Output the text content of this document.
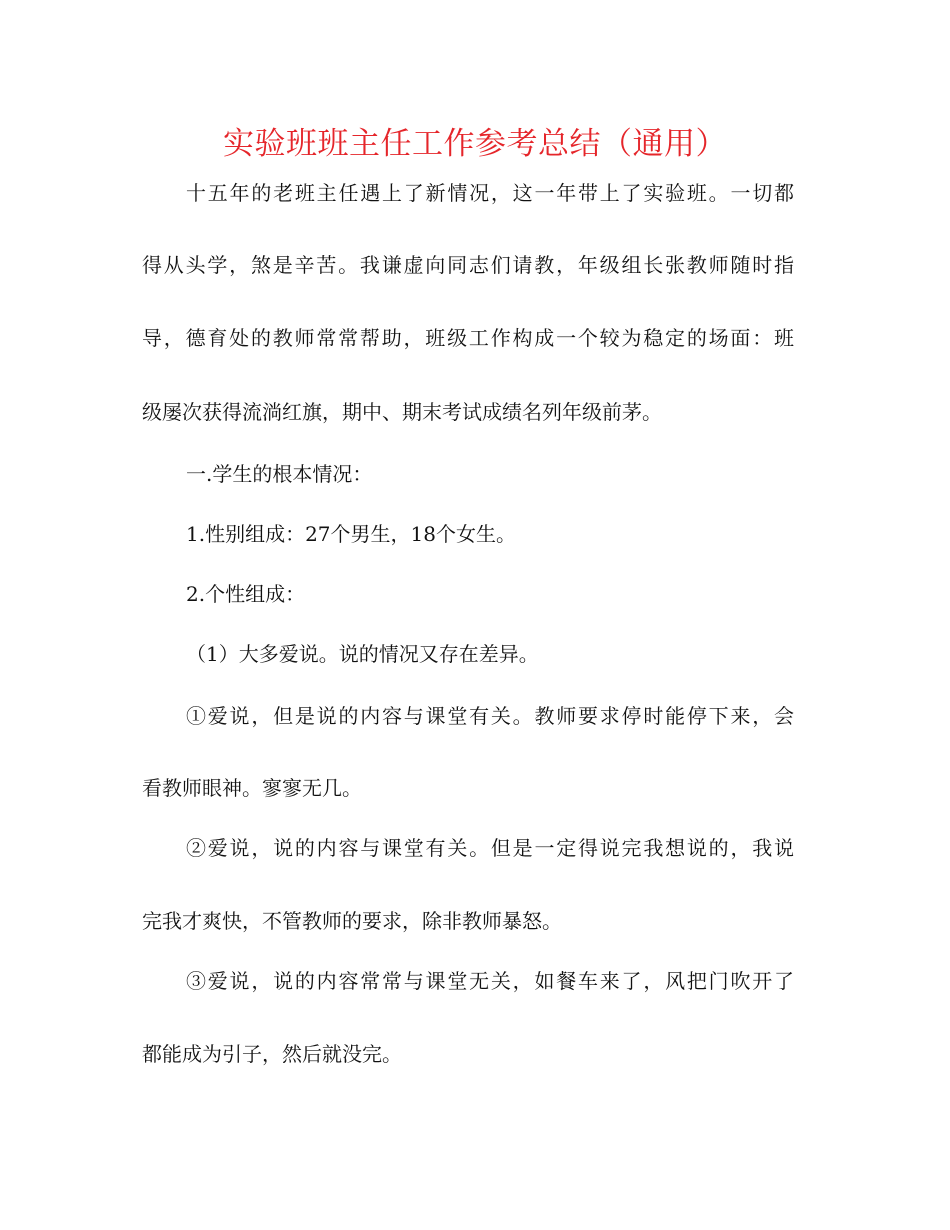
实验班班主任工作参考总结（通用）
十五年的老班主任遇上了新情况，这一年带上了实验班。一切都
得从头学，煞是辛苦。我谦虚向同志们请教，年级组长张教师随时指
导，德育处的教师常常帮助，班级工作构成一个较为稳定的场面：班
级屡次获得流淌红旗，期中、期末考试成绩名列年级前茅。
一.学生的根本情况：
1.性别组成：27个男生，18个女生。
2.个性组成：
（1）大多爱说。说的情况又存在差异。
①爱说，但是说的内容与课堂有关。教师要求停时能停下来，会
看教师眼神。寥寥无几。
②爱说，说的内容与课堂有关。但是一定得说完我想说的，我说
完我才爽快，不管教师的要求，除非教师暴怒。
③爱说，说的内容常常与课堂无关，如餐车来了，风把门吹开了
都能成为引子，然后就没完。
